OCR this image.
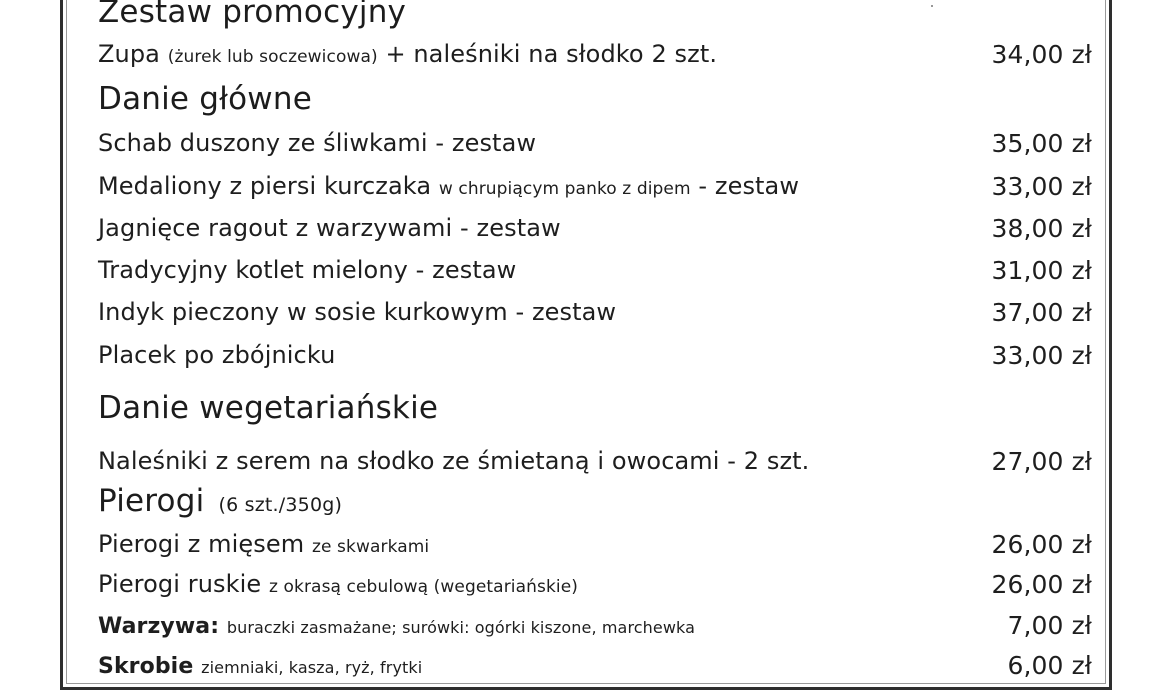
Zestaw promocyjny
Zupa (żurek lub soczewicowa) + naleśniki na słodko 2 szt.	34,00 zł
Danie główne
Schab duszony ze śliwkami - zestaw	35,00 zł
Medaliony z piersi kurczaka w chrupiącym panko z dipem - zestaw	33,00 zł
Jagnięce ragout z warzywami - zestaw	38,00 zł
Tradycyjny kotlet mielony - zestaw	31,00 zł
Indyk pieczony w sosie kurkowym - zestaw	37,00 zł
Placek po zbójnicku	33,00 zł
Danie wegetariańskie
Naleśniki z serem na słodko ze śmietaną i owocami - 2 szt.	27,00 zł
Pierogi (6 szt./350g)
Pierogi z mięsem ze skwarkami	26,00 zł
Pierogi ruskie z okrasą cebulową (wegetariańskie)	26,00 zł
Warzywa: buraczki zasmażane; surówki: ogórki kiszone, marchewka	7,00 zł
Skrobie ziemniaki, kasza, ryż, frytki	6,00 zł
